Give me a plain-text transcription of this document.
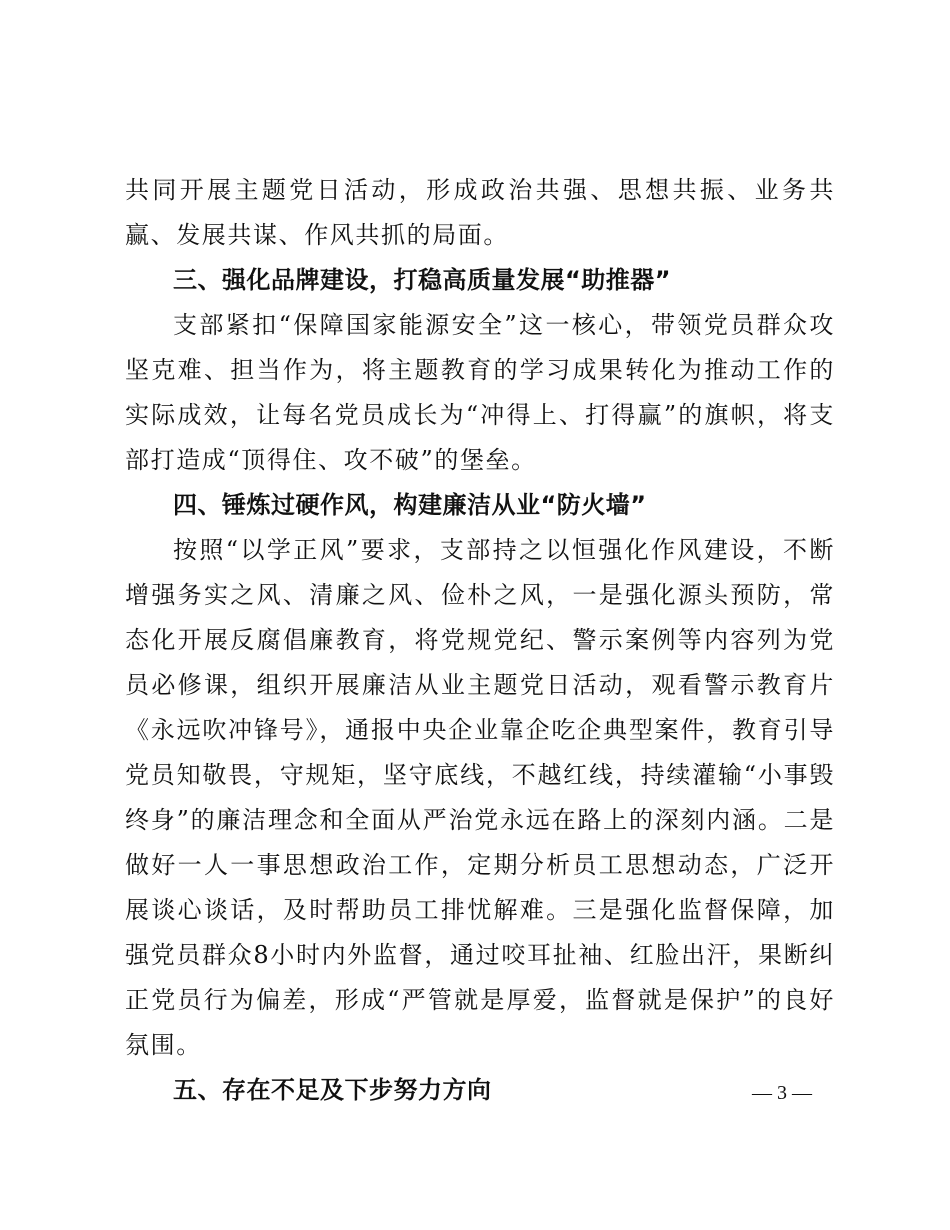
共同开展主题党日活动，形成政治共强、思想共振、业务共赢、发展共谋、作风共抓的局面。

三、强化品牌建设，打稳高质量发展“助推器”

支部紧扣“保障国家能源安全”这一核心，带领党员群众攻坚克难、担当作为，将主题教育的学习成果转化为推动工作的实际成效，让每名党员成长为“冲得上、打得赢”的旗帜，将支部打造成“顶得住、攻不破”的堡垒。

四、锤炼过硬作风，构建廉洁从业“防火墙”

按照“以学正风”要求，支部持之以恒强化作风建设，不断增强务实之风、清廉之风、俭朴之风，一是强化源头预防，常态化开展反腐倡廉教育，将党规党纪、警示案例等内容列为党员必修课，组织开展廉洁从业主题党日活动，观看警示教育片《永远吹冲锋号》，通报中央企业靠企吃企典型案件，教育引导党员知敬畏，守规矩，坚守底线，不越红线，持续灌输“小事毁终身”的廉洁理念和全面从严治党永远在路上的深刻内涵。二是做好一人一事思想政治工作，定期分析员工思想动态，广泛开展谈心谈话，及时帮助员工排忧解难。三是强化监督保障，加强党员群众8小时内外监督，通过咬耳扯袖、红脸出汗，果断纠正党员行为偏差，形成“严管就是厚爱，监督就是保护”的良好氛围。

五、存在不足及下步努力方向	— 3 —
